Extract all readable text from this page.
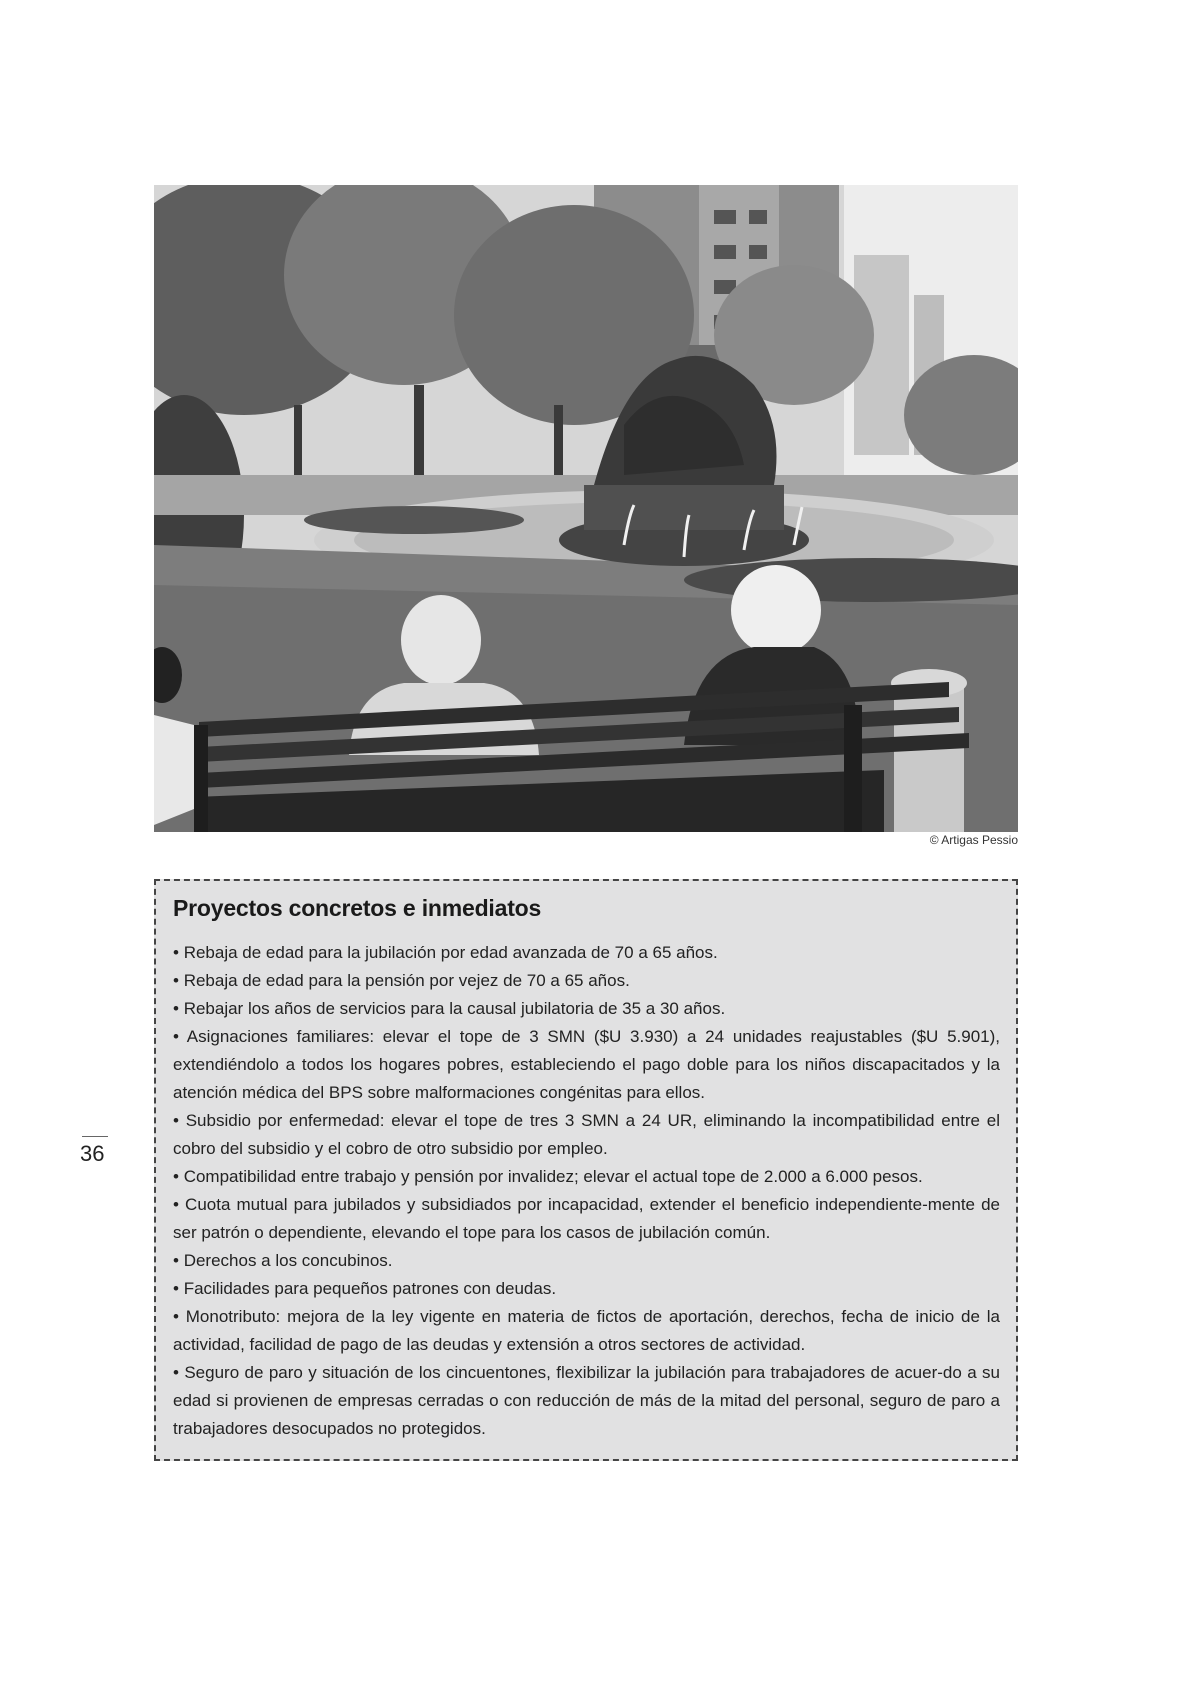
© Artigas Pessio
Proyectos concretos e inmediatos
• Rebaja de edad para la jubilación por edad avanzada de 70 a 65 años.
• Rebaja de edad para la pensión por vejez de 70 a 65 años.
• Rebajar los años de servicios para la causal jubilatoria de 35 a 30 años.
• Asignaciones familiares: elevar el tope de 3 SMN ($U 3.930) a 24 unidades reajustables ($U 5.901), extendiéndolo a todos los hogares pobres, estableciendo el pago doble para los niños discapacitados y la atención médica del BPS sobre malformaciones congénitas para ellos.
• Subsidio por enfermedad: elevar el tope de tres 3 SMN a 24 UR, eliminando la incompatibilidad entre el cobro del subsidio y el cobro de otro subsidio por empleo.
• Compatibilidad entre trabajo y pensión por invalidez; elevar el actual tope de 2.000 a 6.000 pesos.
• Cuota mutual para jubilados y subsidiados por incapacidad, extender el beneficio independiente-mente de ser patrón o dependiente, elevando el tope para los casos de jubilación común.
• Derechos a los concubinos.
• Facilidades para pequeños patrones con deudas.
• Monotributo: mejora de la ley vigente en materia de fictos de aportación, derechos, fecha de inicio de la actividad, facilidad de pago de las deudas y extensión a otros sectores de actividad.
• Seguro de paro y situación de los cincuentones, flexibilizar la jubilación para trabajadores de acuer-do a su edad si provienen de empresas cerradas o con reducción de más de la mitad del personal, seguro de paro a trabajadores desocupados no protegidos.
36
